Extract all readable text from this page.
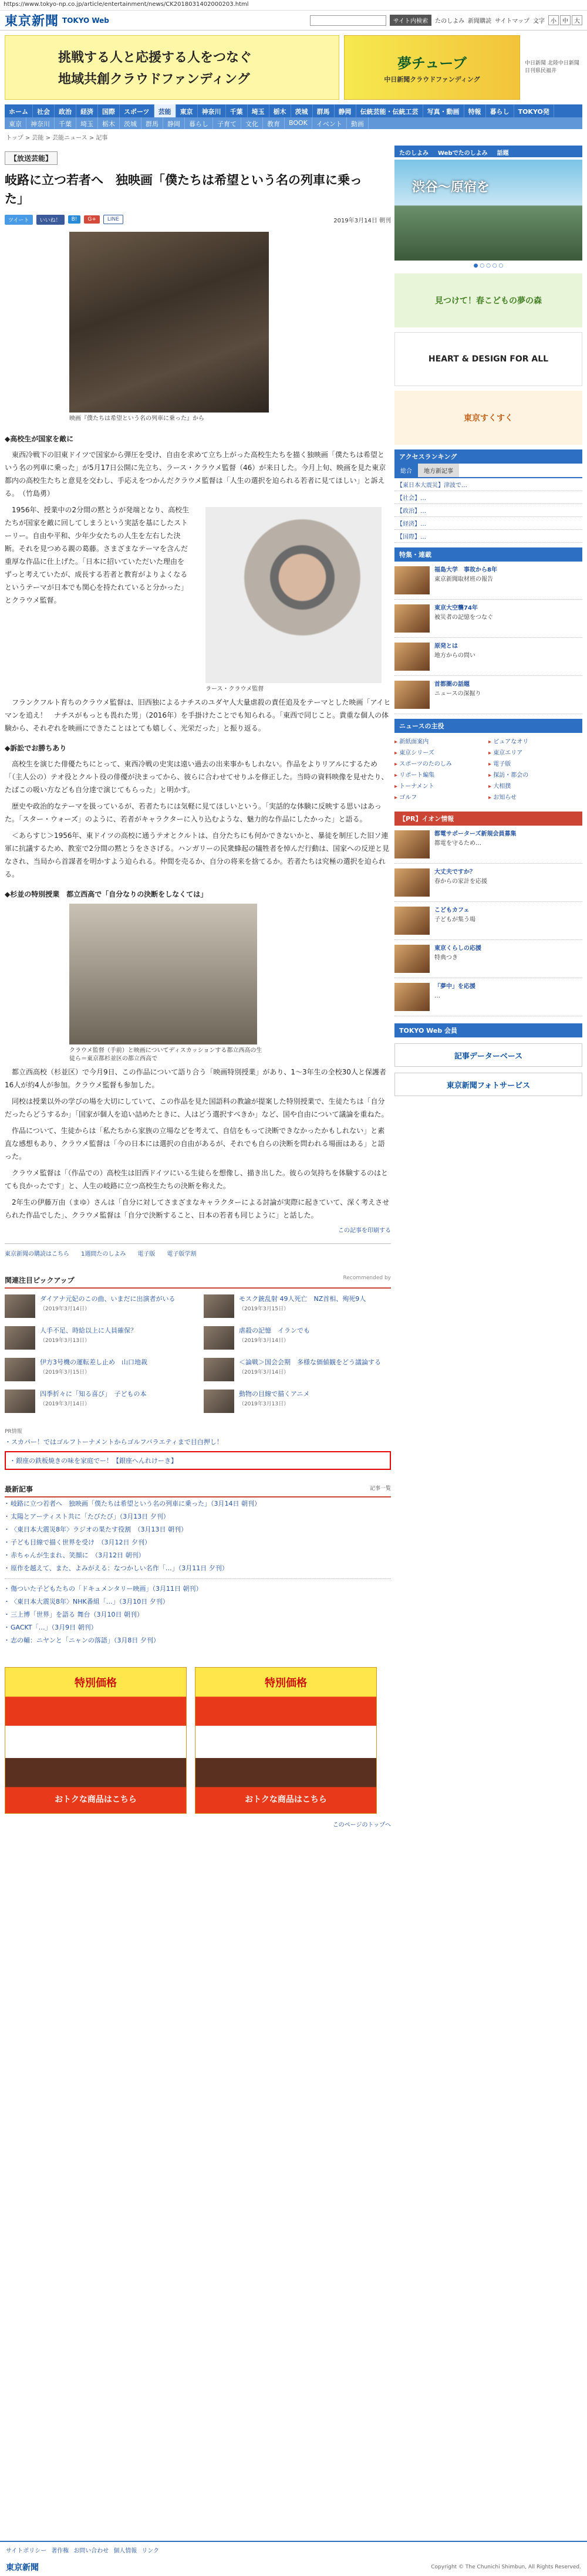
https://www.tokyo-np.co.jp/article/entertainment/news/CK2018031402000203.html
東京新聞 TOKYO Web	サイト内検索	たのしよみ 新聞購読 サイトマップ 文字	小	中	大
挑戦する人と応援する人をつなぐ
地域共創クラウドファンディング
夢チューブ
中日新聞クラウドファンディング
中日新聞 北陸中日新聞 日刊県民福井
ホーム	社会	政治	経済	国際	スポーツ	芸能	東京	神奈川	千葉	埼玉	栃木	茨城	群馬	静岡	伝統芸能・伝統工芸	写真・動画	特報	暮らし	TOKYO発
東京	神奈川	千葉	埼玉	栃木	茨城	群馬	静岡	暮らし	子育て	文化	教育	BOOK	イベント	動画
トップ > 芸能 > 芸能ニュース > 記事
【放送芸能】
岐路に立つ若者へ　独映画「僕たちは希望という名の列車に乗った」
ツイート	いいね！	B!	G+	LINE	2019年3月14日 朝刊
映画『僕たちは希望という名の列車に乗った』から
◆高校生が国家を敵に

東西冷戦下の旧東ドイツで国家から弾圧を受け、自由を求めて立ち上がった高校生たちを描く独映画「僕たちは希望という名の列車に乗った」が5月17日公開に先立ち、ラース・クラウメ監督（46）が来日した。今月上旬、映画を見た東京都内の高校生たちと意見を交わし、手応えをつかんだクラウメ監督は「人生の選択を迫られる若者に見てほしい」と訴える。　（竹島勇）

ラース・クラウメ監督

1956年、授業中の2分間の黙とうが発端となり、高校生たちが国家を敵に回してしまうという実話を基にしたストーリー。自由や平和、少年少女たちの人生を左右した決断。それを見つめる親の葛藤。さまざまなテーマを含んだ重厚な作品に仕上げた。「日本に招いていただいた理由をずっと考えていたが、成長する若者と教育がよりよくなるというテーマが日本でも関心を持たれていると分かった」とクラウメ監督。

フランクフルト育ちのクラウメ監督は、旧西独によるナチスのユダヤ人大量虐殺の責任追及をテーマとした映画「アイヒマンを追え！　ナチスがもっとも畏れた男」（2016年）を手掛けたことでも知られる。「東西で同じこと。貴重な個人の体験から、それぞれを映画にできたことはとても嬉しく、光栄だった」と振り返る。

◆訴訟でお勝ちあり

高校生を演じた俳優たちにとって、東西冷戦の史実は遠い過去の出来事かもしれない。作品をよりリアルにするため「（主人公の）テオ役とクルト役の俳優が決まってから、彼らに合わせてせりふを修正した。当時の資料映像を見せたり、たばこの吸い方なども自分達で演じてもらった」と明かす。

歴史や政治的なテーマを扱っているが、若者たちには気軽に見てほしいという。「実話的な体験に反映する思いはあった。「スター・ウォーズ」のように、若者がキャラクターに入り込むような、魅力的な作品にしたかった」と語る。

＜あらすじ＞1956年、東ドイツの高校に通うテオとクルトは、自分たちにも何かできないかと、暴徒を制圧した旧ソ連軍に抗議するため、教室で2分間の黙とうをささげる。ハンガリーの民衆蜂起の犠牲者を悼んだ行動は、国家への反逆と見なされ、当局から首謀者を明かすよう迫られる。仲間を売るか、自分の将来を捨てるか。若者たちは究極の選択を迫られる。

◆杉並の特別授業　都立西高で「自分なりの決断をしなくては」
クラウメ監督（手前）と映画についてディスカッションする都立西高の生徒ら＝東京都杉並区の都立西高で

都立西高校（杉並区）で今月9日、この作品について語り合う「映画特別授業」があり、1～3年生の全校30人と保護者16人が約4人が参加。クラウメ監督も参加した。

同校は授業以外の学びの場を大切にしていて、この作品を見た国語科の教諭が提案した特別授業で、生徒たちは「自分だったらどうするか」「国家が個人を追い詰めたときに、人はどう選択すべきか」など、国や自由について議論を重ねた。

作品について、生徒からは「私たちから家族の立場などを考えて、自信をもって決断できなかったかもしれない」と素直な感想もあり、クラウメ監督は「今の日本には選択の自由があるが、それでも自らの決断を問われる場面はある」と語った。

クラウメ監督は「（作品での）高校生は旧西ドイツにいる生徒らを想像し、描き出した。彼らの気持ちを体験するのはとても良かったです」と、人生の岐路に立つ高校生たちの決断を称えた。

2年生の伊藤万由（まゆ）さんは「自分に対してさまざまなキャラクターによる討論が実際に起きていて、深く考えさせられた作品でした」、クラウメ監督は「自分で決断すること、日本の若者も同じように」と話した。

この記事を印刷する
東京新聞の購読はこちら 1週間たのしよみ 電子版 電子版学割
関連注目ピックアップ	Recommended by
ダイアナ元妃のこの曲、いまだに出演者がいる
（2019年3月14日）
モスク銃乱射 49人死亡　NZ首相、殉死9人
（2019年3月15日）
人手不足、時給以上に人員確保？
（2019年3月13日）
虐殺の記憶　イランでも
（2019年3月14日）
伊方3号機の運転差し止め　山口地裁
（2019年3月15日）
＜論戦＞国会会期　多様な価値観をどう議論する
（2019年3月14日）
四季折々に「知る喜び」　子どもの本
（2019年3月14日）
動物の目線で描くアニメ
（2019年3月13日）
PR情報
・スカパー！ではゴルフトーナメントからゴルフバラエティまで目白押し！
・銀座の鉄板焼きの味を家庭でー！【銀座へんれけーき】
最新記事	記事一覧
・ 岐路に立つ若者へ　独映画「僕たちは希望という名の列車に乗った」（3月14日 朝刊）
・ 太陽とアーティスト共に「たびたび」（3月13日 夕刊）
・ 〈東日本大震災8年〉ラジオの果たす役割　（3月13日 朝刊）
・ 子ども目線で描く世界を受け　（3月12日 夕刊）
・ 赤ちゃんが生まれ、笑顔に　（3月12日 朝刊）
・ 原作を越えて、また、よみがえる：なつかしい名作「…」（3月11日 夕刊）
・ 傷ついた子どもたちの「ドキュメンタリー映画」（3月11日 朝刊）
・ 〈東日本大震災8年〉NHK番組「…」（3月10日 夕刊）
・ 三上博「世界」を語る 舞台（3月10日 朝刊）
・ GACKT「…」（3月9日 朝刊）
・ 志の輔：ニヤンと「ニャンの落語」（3月8日 夕刊）
特別価格
おトクな商品はこちら
特別価格
おトクな商品はこちら
このページのトップへ
たのしよみ	Webでたのしよみ	話題
渋谷〜原宿を
● ○ ○ ○ ○
見つけて！春こどもの夢の森
HEART & DESIGN FOR ALL
東京すくすく
アクセスランキング
総合	地方新記事
【東日本大震災】津波で…
【社会】…
【政治】…
【経済】…
【国際】…
特集・連載
福島大学　事故から8年
東京新聞取材班の報告
東京大空襲74年
被災者の記憶をつなぐ
原発とは
地方からの問い
首都圏の話題
ニュースの深掘り
ニュースの主役
▸ 新紙面案内	▸ ピュアなオリ
▸ 東京シリーズ	▸ 東京エリア
▸ スポーツのたのしみ	▸ 電子版
▸ リポート編集	▸ 探訪・都会の
▸ トーナメント	▸ 大相撲
▸ ゴルフ	▸ お知らせ
【PR】イオン情報
都電サポーターズ新規会員募集
都電を守るため…
大丈夫ですか？
春からの家計を応援
こどもカフェ
子どもが集う場
東京くらしの応援
特典つき
「夢中」を応援
…
TOKYO Web 会員
記事データーベース
東京新聞フォトサービス
サイトポリシー 著作権 お問い合わせ 個人情報 リンク
東京新聞	Copyright © The Chunichi Shimbun, All Rights Reserved.
